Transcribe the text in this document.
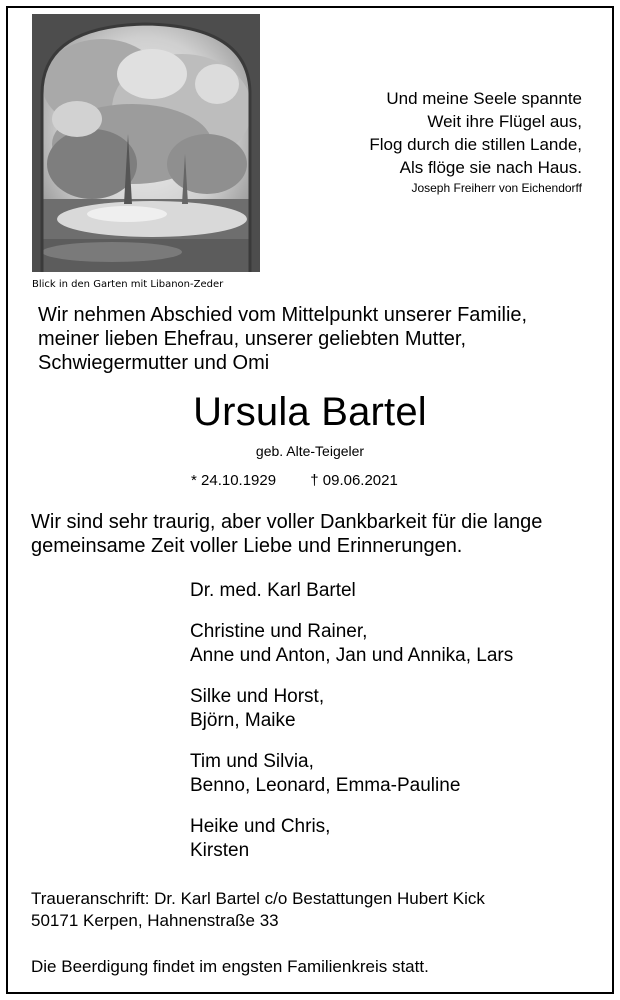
Blick in den Garten mit Libanon-Zeder
Und meine Seele spannte
Weit ihre Flügel aus,
Flog durch die stillen Lande,
Als flöge sie nach Haus.
Joseph Freiherr von Eichendorff
Wir nehmen Abschied vom Mittelpunkt unserer Familie,
meiner lieben Ehefrau, unserer geliebten Mutter,
Schwiegermutter und Omi
Ursula Bartel
geb. Alte-Teigeler
* 24.10.1929 † 09.06.2021
Wir sind sehr traurig, aber voller Dankbarkeit für die lange
gemeinsame Zeit voller Liebe und Erinnerungen.
Dr. med. Karl Bartel
Christine und Rainer,
Anne und Anton, Jan und Annika, Lars
Silke und Horst,
Björn, Maike
Tim und Silvia,
Benno, Leonard, Emma-Pauline
Heike und Chris,
Kirsten
Traueranschrift: Dr. Karl Bartel c/o Bestattungen Hubert Kick
50171 Kerpen, Hahnenstraße 33
Die Beerdigung findet im engsten Familienkreis statt.
